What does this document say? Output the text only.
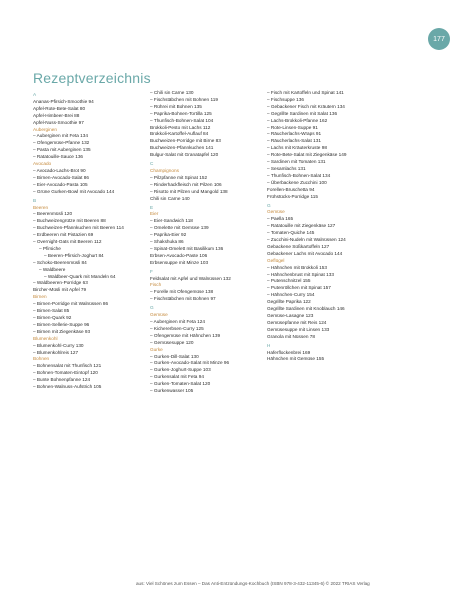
177
Rezeptverzeichnis
A
Ananas-Pfirsich-Smoothie 94
Apfel-Rote-Bete-Salat 80
Apfel-Himbeer-Brei 88
Apfel-Nuss-Smoothie 97
Auberginen
– Auberginen mit Feta 134
– Ofengemüse-Pfanne 132
– Pasta mit Auberginen 135
– Ratatouille-Sauce 136
Avocado
– Avocado-Lachs-Brot 90
– Birnen-Avocado-Salat 86
– Eier-Avocado-Pasta 105
– Grüne Gurken-Bowl mit Avocado 144
B
Beeren
– Beerenmüsli 120
– Buchweizengrütze mit Beeren 88
– Buchweizen-Pfannkuchen mit Beeren 114
– Erdbeeren mit Pistazien 69
– Overnight-Oats mit Beeren 112
– Pfirsiche
– Beeren-Pfirsich-Joghurt 84
– Schoko-Beerenmüsli 84
– Waldbeere
– Waldbeer-Quark mit Mandeln 64
– Waldbeeren-Porridge 63
Bircher-Müsli mit Apfel 79
Birnen
– Birnen-Porridge mit Walnüssen 86
– Birnen-Salat 85
– Birnen-Quark 92
– Birnen-Sellerie-Suppe 96
– Birnen mit Ziegenkäse 93
Blumenkohl
– Blumenkohl-Curry 130
– Blumenkohlreis 127
Bohnen
– Bohnensalat mit Thunfisch 121
– Bohnen-Tomaten-Eintopf 120
– Bunte Bohnenpfanne 124
– Bohnen-Walnuss-Aufstrich 105
– Chili sin Carne 130
– Fischstäbchen mit Bohnen 119
– Rührei mit Bohnen 135
– Paprika-Bohnen-Tortilla 125
– Thunfisch-Bohnen-Salat 104
Brokkoli-Pesto mit Lachs 112
Brokkoli-Kartoffel-Auflauf 84
Buchweizen-Porridge mit Birne 83
Buchweizen-Pfannkuchen 141
Bulgur-Salat mit Granatapfel 120
C
Champignons
– Pilzpfanne mit Spinat 152
– Rinderhackfleisch mit Pilzen 106
– Risotto mit Pilzen und Mangold 138
Chili sin Carne 140
E
Eier
– Eier-Sandwich 118
– Omelette mit Gemüse 139
– Paprika-Eier 92
– Shakshuka 86
– Spinat-Omelett mit Basilikum 136
Erbsen-Avocado-Paste 106
Erbsensuppe mit Minze 103
F
Feldsalat mit Apfel und Walnüssen 132
Fisch
– Forelle mit Ofengemüse 138
– Fischstäbchen mit Bohnen 97
G
Gemüse
– Auberginen mit Feta 124
– Kichererbsen-Curry 125
– Ofengemüse mit Hähnchen 139
– Gemüsesuppe 120
Gurke
– Gurken-Dill-Salat 130
– Gurken-Avocado-Salat mit Minze 96
– Gurken-Joghurt-Suppe 103
– Gurkensalat mit Feta 94
– Gurken-Tomaten-Salat 120
– Gurkenwasser 105
– Fisch mit Kartoffeln und Spinat 141
– Fischsuppe 136
– Gebackener Fisch mit Kräutern 134
– Gegrillte Sardinen mit Salat 136
– Lachs-Brokkoli-Pfanne 162
– Rote-Linsen-Suppe 91
– Räucherlachs-Wraps 91
– Räucherlachs-Salat 131
– Lachs mit Kräuterkruste 98
– Rote-Bete-Salat mit Ziegenkäse 149
– Sardinen mit Tomaten 131
– Sesamlachs 131
– Thunfisch-Bohnen-Salat 134
– Überbackene Zucchini 100
Forellen-Bruschetta 94
Frühstücks-Porridge 115
G
Gemüse
– Paella 165
– Ratatouille mit Ziegenkäse 127
– Tomaten-Quiche 145
– Zucchini-Nudeln mit Walnüssen 124
Gebackene Süßkartoffeln 127
Gebackener Lachs mit Avocado 144
Geflügel
– Hähnchen mit Brokkoli 153
– Hähnchenbrust mit Spinat 133
– Putenschnitzel 155
– Putenröllchen mit Spinat 157
– Hähnchen-Curry 154
Gegrillte Paprika 122
Gegrillte Sardinen mit Knoblauch 146
Gemüse-Lasagne 123
Gemüsepfanne mit Reis 124
Gemüsesuppe mit Linsen 133
Granola mit Nüssen 78
H
Haferflockenbrei 169
Hähnchen mit Gemüse 155
aus: Viel Schönes zum Essen – Das Anti-Entzündungs-Kochbuch (ISBN 978-3-432-11345-6) © 2022 TRIAS Verlag
